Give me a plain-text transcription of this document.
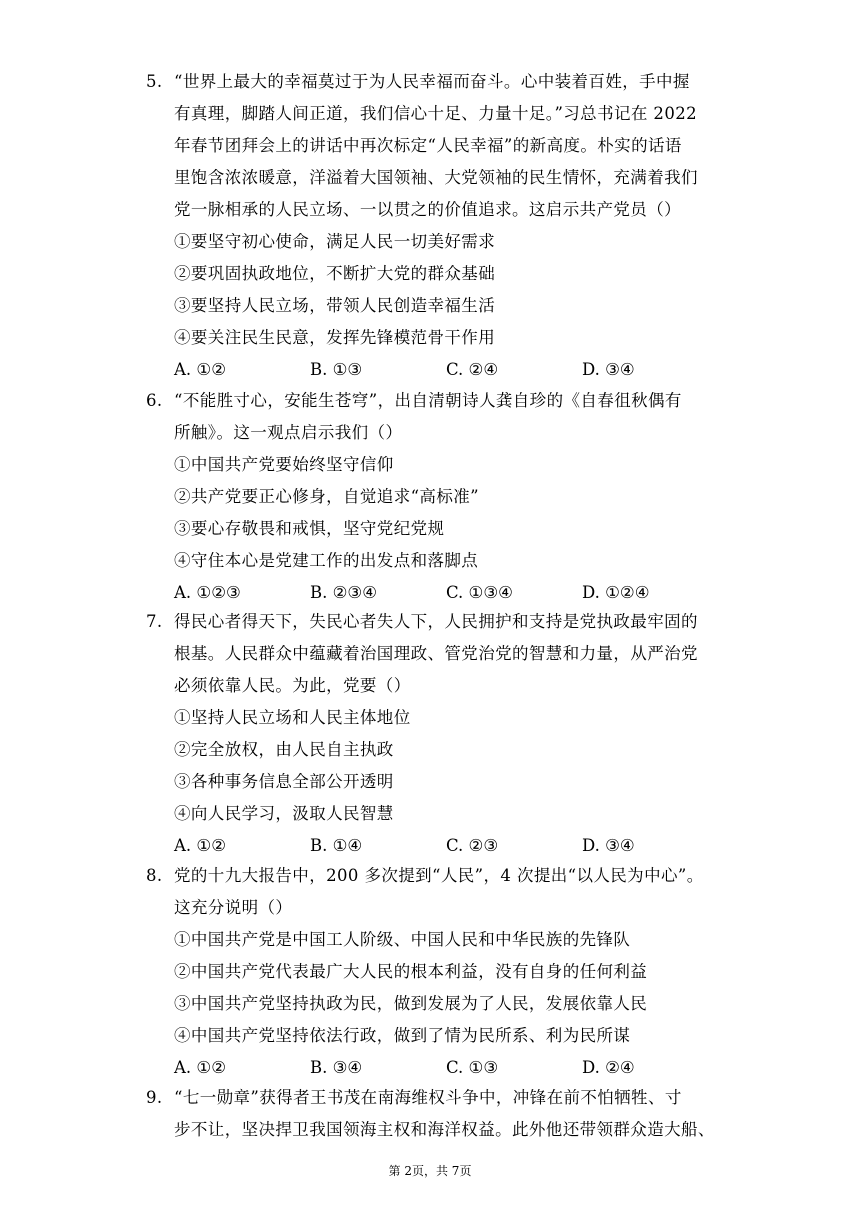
5. “世界上最大的幸福莫过于为人民幸福而奋斗。心中装着百姓，手中握
有真理，脚踏人间正道，我们信心十足、力量十足。”习总书记在 2022
年春节团拜会上的讲话中再次标定“人民幸福”的新高度。朴实的话语
里饱含浓浓暖意，洋溢着大国领袖、大党领袖的民生情怀，充满着我们
党一脉相承的人民立场、一以贯之的价值追求。这启示共产党员（）
①要坚守初心使命，满足人民一切美好需求
②要巩固执政地位，不断扩大党的群众基础
③要坚持人民立场，带领人民创造幸福生活
④要关注民生民意，发挥先锋模范骨干作用
A. ①②	B. ①③	C. ②④	D. ③④
6. “不能胜寸心，安能生苍穹”，出自清朝诗人龚自珍的《自春徂秋偶有
所触》。这一观点启示我们（）
①中国共产党要始终坚守信仰
②共产党要正心修身，自觉追求“高标准”
③要心存敬畏和戒惧，坚守党纪党规
④守住本心是党建工作的出发点和落脚点
A. ①②③	B. ②③④	C. ①③④	D. ①②④
7. 得民心者得天下，失民心者失人下，人民拥护和支持是党执政最牢固的
根基。人民群众中蕴藏着治国理政、管党治党的智慧和力量，从严治党
必须依靠人民。为此，党要（）
①坚持人民立场和人民主体地位
②完全放权，由人民自主执政
③各种事务信息全部公开透明
④向人民学习，汲取人民智慧
A. ①②	B. ①④	C. ②③	D. ③④
8. 党的十九大报告中，200 多次提到“人民”，4 次提出“以人民为中心”。
这充分说明（）
①中国共产党是中国工人阶级、中国人民和中华民族的先锋队
②中国共产党代表最广大人民的根本利益，没有自身的任何利益
③中国共产党坚持执政为民，做到发展为了人民，发展依靠人民
④中国共产党坚持依法行政，做到了情为民所系、利为民所谋
A. ①②	B. ③④	C. ①③	D. ②④
9. “七一勋章”获得者王书茂在南海维权斗争中，冲锋在前不怕牺牲、寸
步不让，坚决捍卫我国领海主权和海洋权益。此外他还带领群众造大船、
第 2页，共 7页
